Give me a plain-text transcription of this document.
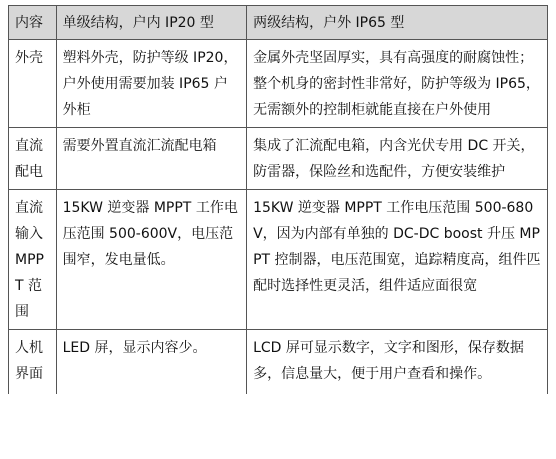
内容	单级结构，户内 IP20 型	两级结构，户外 IP65 型
外壳	塑料外壳，防护等级 IP20，户外使用需要加装 IP65 户外柜	金属外壳坚固厚实，具有高强度的耐腐蚀性；整个机身的密封性非常好，防护等级为 IP65，无需额外的控制柜就能直接在户外使用
直流配电	需要外置直流汇流配电箱	集成了汇流配电箱，内含光伏专用 DC 开关，防雷器，保险丝和选配件，方便安装维护
直流输入 MPPT 范围	15KW 逆变器 MPPT 工作电压范围 500-600V，电压范围窄，发电量低。	15KW 逆变器 MPPT 工作电压范围 500-680V，因为内部有单独的 DC-DC boost 升压 MPPT 控制器，电压范围宽，追踪精度高，组件匹配时选择性更灵活，组件适应面很宽
人机界面	LED 屏，显示内容少。	LCD 屏可显示数字，文字和图形，保存数据多，信息量大，便于用户查看和操作。
